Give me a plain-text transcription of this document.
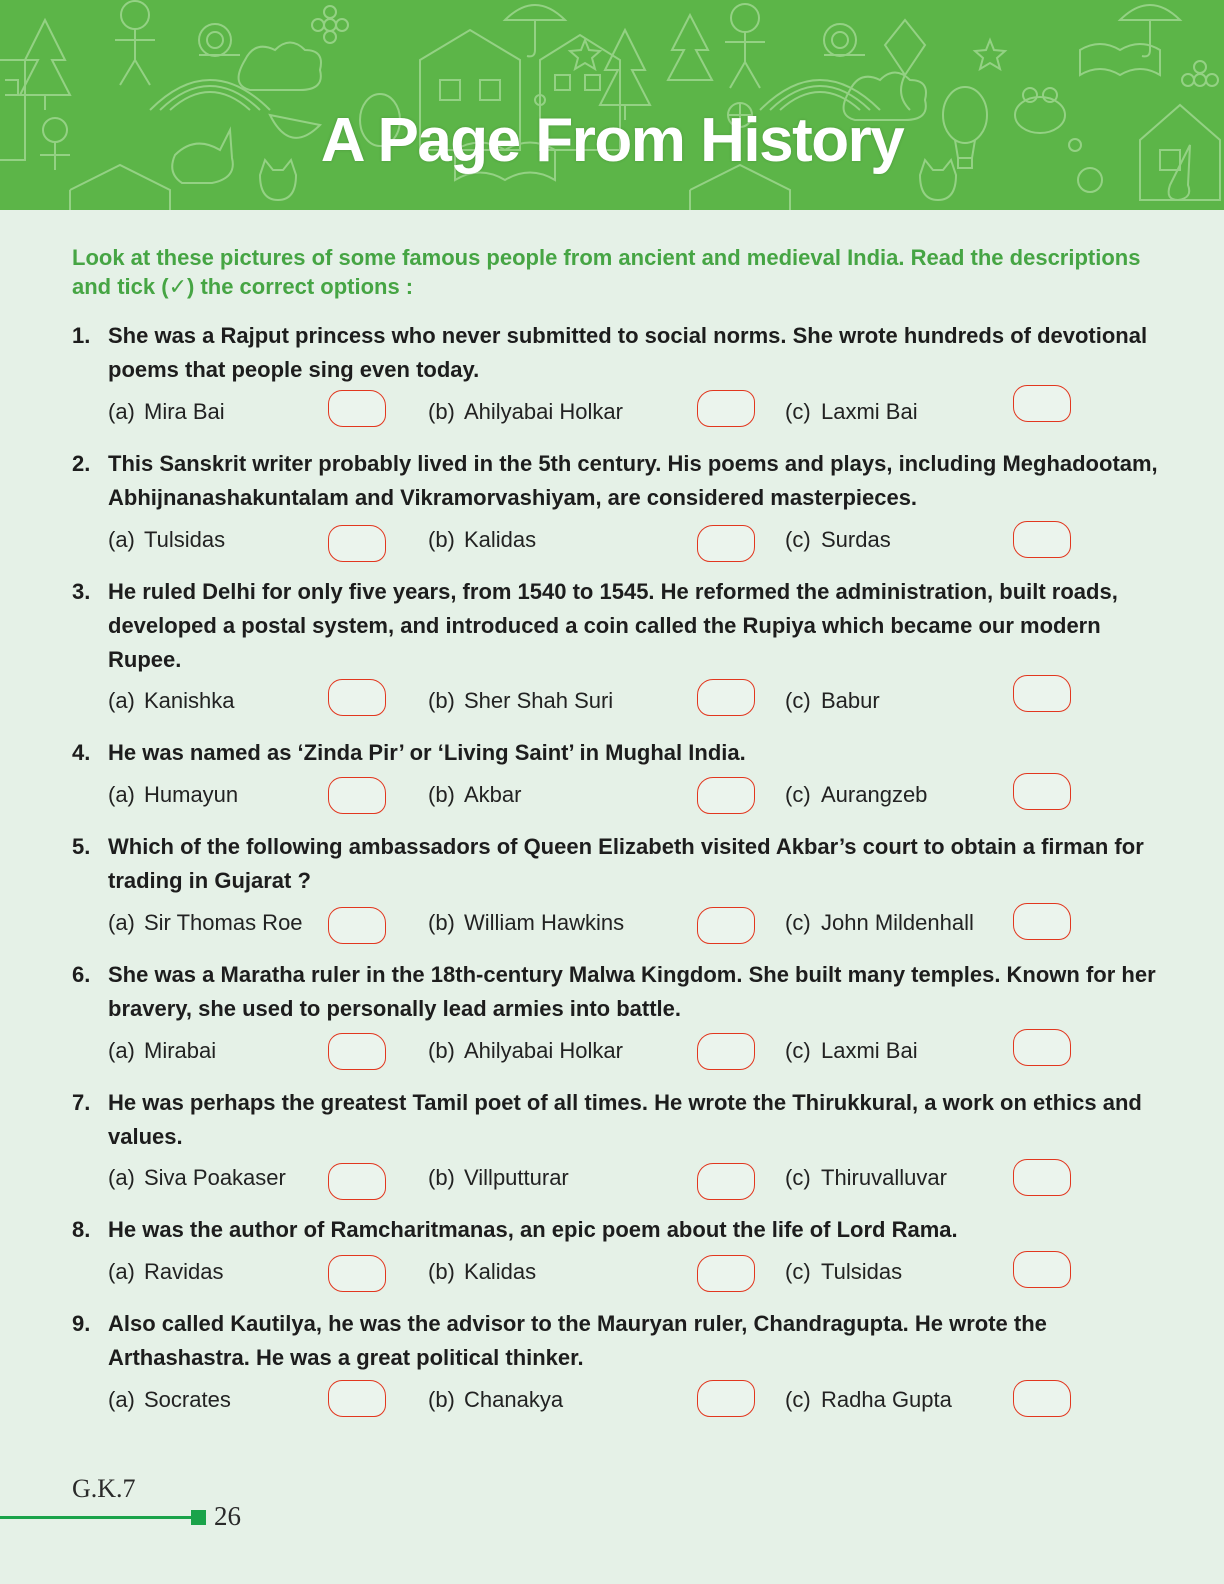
A Page From History
Look at these pictures of some famous people from ancient and medieval India. Read the descriptions and tick (✓) the correct options :
1. She was a Rajput princess who never submitted to social norms. She wrote hundreds of devotional poems that people sing even today.
(a) Mira Bai	(b) Ahilyabai Holkar	(c) Laxmi Bai
2. This Sanskrit writer probably lived in the 5th century. His poems and plays, including Meghadootam, Abhijnanashakuntalam and Vikramorvashiyam, are considered masterpieces.
(a) Tulsidas	(b) Kalidas	(c) Surdas
3. He ruled Delhi for only five years, from 1540 to 1545. He reformed the administration, built roads, developed a postal system, and introduced a coin called the Rupiya which became our modern Rupee.
(a) Kanishka	(b) Sher Shah Suri	(c) Babur
4. He was named as ‘Zinda Pir’ or ‘Living Saint’ in Mughal India.
(a) Humayun	(b) Akbar	(c) Aurangzeb
5. Which of the following ambassadors of Queen Elizabeth visited Akbar’s court to obtain a firman for trading in Gujarat ?
(a) Sir Thomas Roe	(b) William Hawkins	(c) John Mildenhall
6. She was a Maratha ruler in the 18th-century Malwa Kingdom. She built many temples. Known for her bravery, she used to personally lead armies into battle.
(a) Mirabai	(b) Ahilyabai Holkar	(c) Laxmi Bai
7. He was perhaps the greatest Tamil poet of all times. He wrote the Thirukkural, a work on ethics and values.
(a) Siva Poakaser	(b) Villputturar	(c) Thiruvalluvar
8. He was the author of Ramcharitmanas, an epic poem about the life of Lord Rama.
(a) Ravidas	(b) Kalidas	(c) Tulsidas
9. Also called Kautilya, he was the advisor to the Mauryan ruler, Chandragupta. He wrote the Arthashastra. He was a great political thinker.
(a) Socrates	(b) Chanakya	(c) Radha Gupta
G.K.7
26
